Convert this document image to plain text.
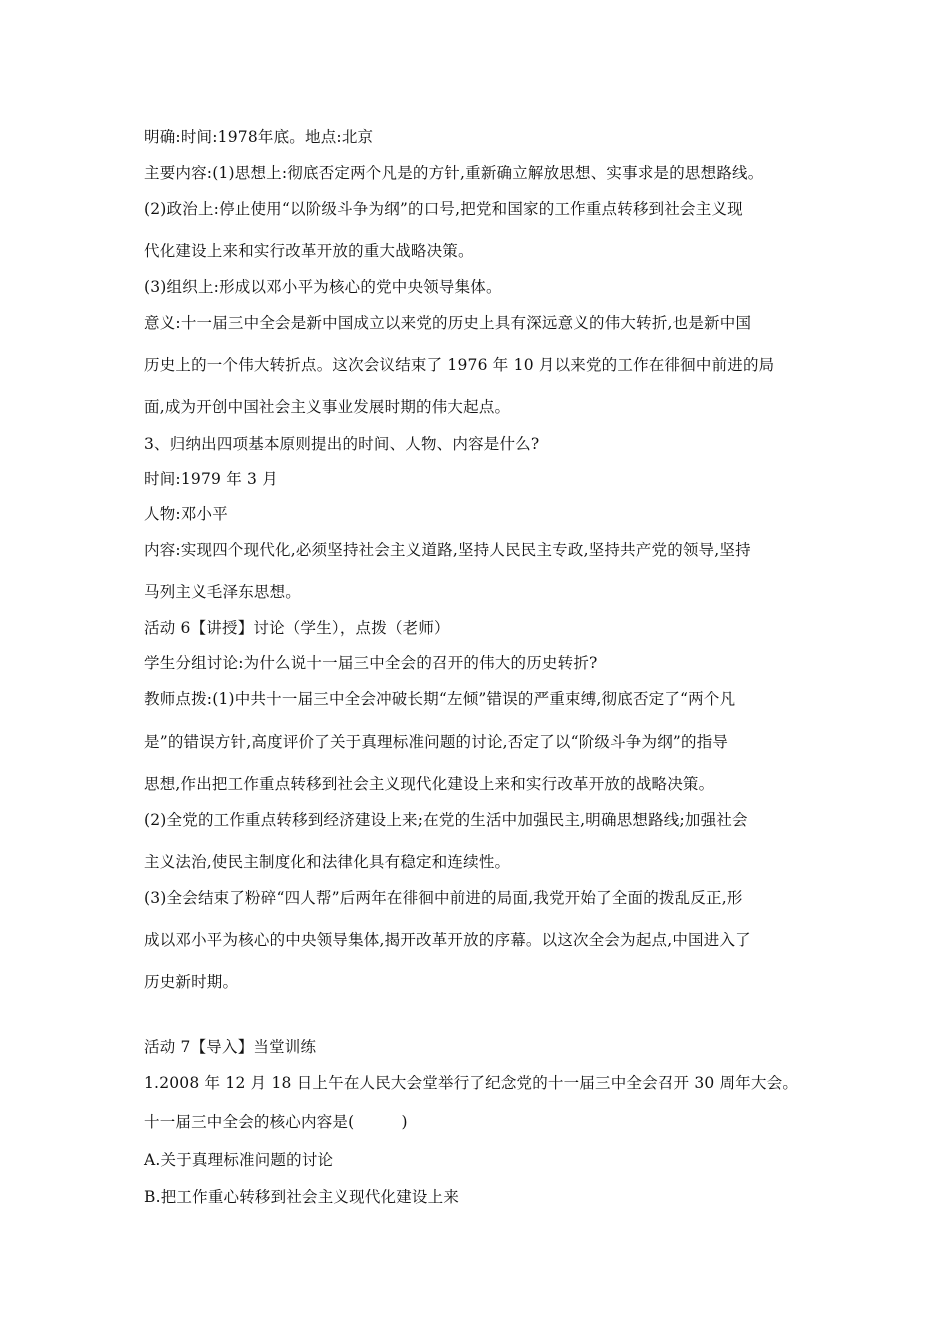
明确:时间:1978年底。地点:北京
主要内容:(1)思想上:彻底否定两个凡是的方针,重新确立解放思想、实事求是的思想路线。
(2)政治上:停止使用“以阶级斗争为纲”的口号,把党和国家的工作重点转移到社会主义现
代化建设上来和实行改革开放的重大战略决策。
(3)组织上:形成以邓小平为核心的党中央领导集体。
意义:十一届三中全会是新中国成立以来党的历史上具有深远意义的伟大转折,也是新中国
历史上的一个伟大转折点。这次会议结束了 1976 年 10 月以来党的工作在徘徊中前进的局
面,成为开创中国社会主义事业发展时期的伟大起点。
3、归纳出四项基本原则提出的时间、人物、内容是什么?
时间:1979 年 3 月
人物:邓小平
内容:实现四个现代化,必须坚持社会主义道路,坚持人民民主专政,坚持共产党的领导,坚持
马列主义毛泽东思想。
活动 6【讲授】讨论（学生），点拨（老师）
学生分组讨论:为什么说十一届三中全会的召开的伟大的历史转折?
教师点拨:(1)中共十一届三中全会冲破长期“左倾”错误的严重束缚,彻底否定了“两个凡
是”的错误方针,高度评价了关于真理标准问题的讨论,否定了以“阶级斗争为纲”的指导
思想,作出把工作重点转移到社会主义现代化建设上来和实行改革开放的战略决策。
(2)全党的工作重点转移到经济建设上来;在党的生活中加强民主,明确思想路线;加强社会
主义法治,使民主制度化和法律化具有稳定和连续性。
(3)全会结束了粉碎“四人帮”后两年在徘徊中前进的局面,我党开始了全面的拨乱反正,形
成以邓小平为核心的中央领导集体,揭开改革开放的序幕。以这次全会为起点,中国进入了
历史新时期。
活动 7【导入】当堂训练
1.2008 年 12 月 18 日上午在人民大会堂举行了纪念党的十一届三中全会召开 30 周年大会。
十一届三中全会的核心内容是(　　　)
A.关于真理标准问题的讨论
B.把工作重心转移到社会主义现代化建设上来
